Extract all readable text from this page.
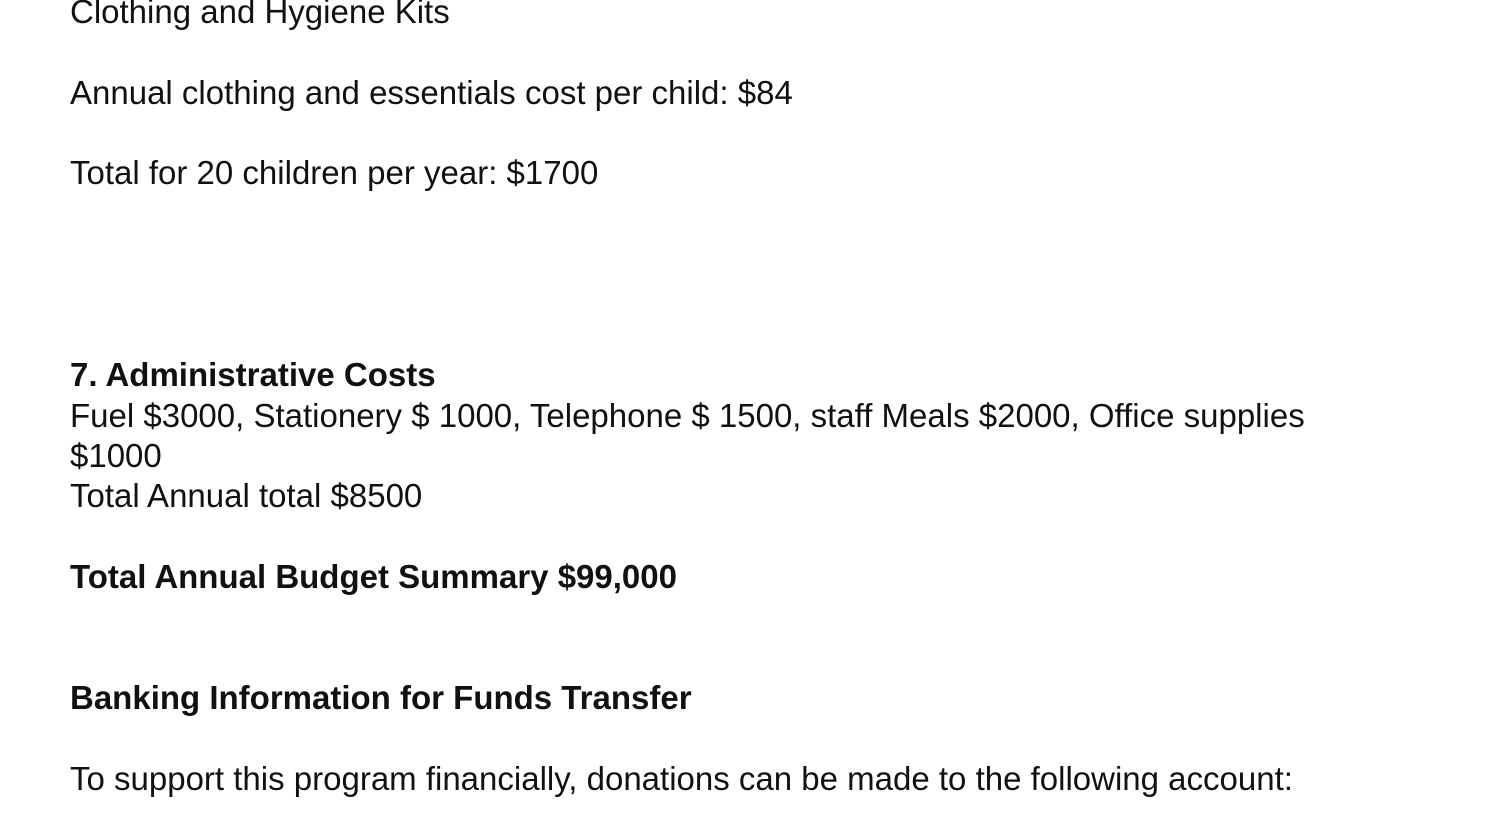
Clothing and Hygiene Kits

Annual clothing and essentials cost per child: $84

Total for 20 children per year: $1700

7. Administrative Costs

Fuel $3000, Stationery $ 1000, Telephone $ 1500, staff Meals $2000, Office supplies

$1000

Total Annual total $8500

Total Annual Budget Summary $99,000

Banking Information for Funds Transfer

To support this program financially, donations can be made to the following account:
